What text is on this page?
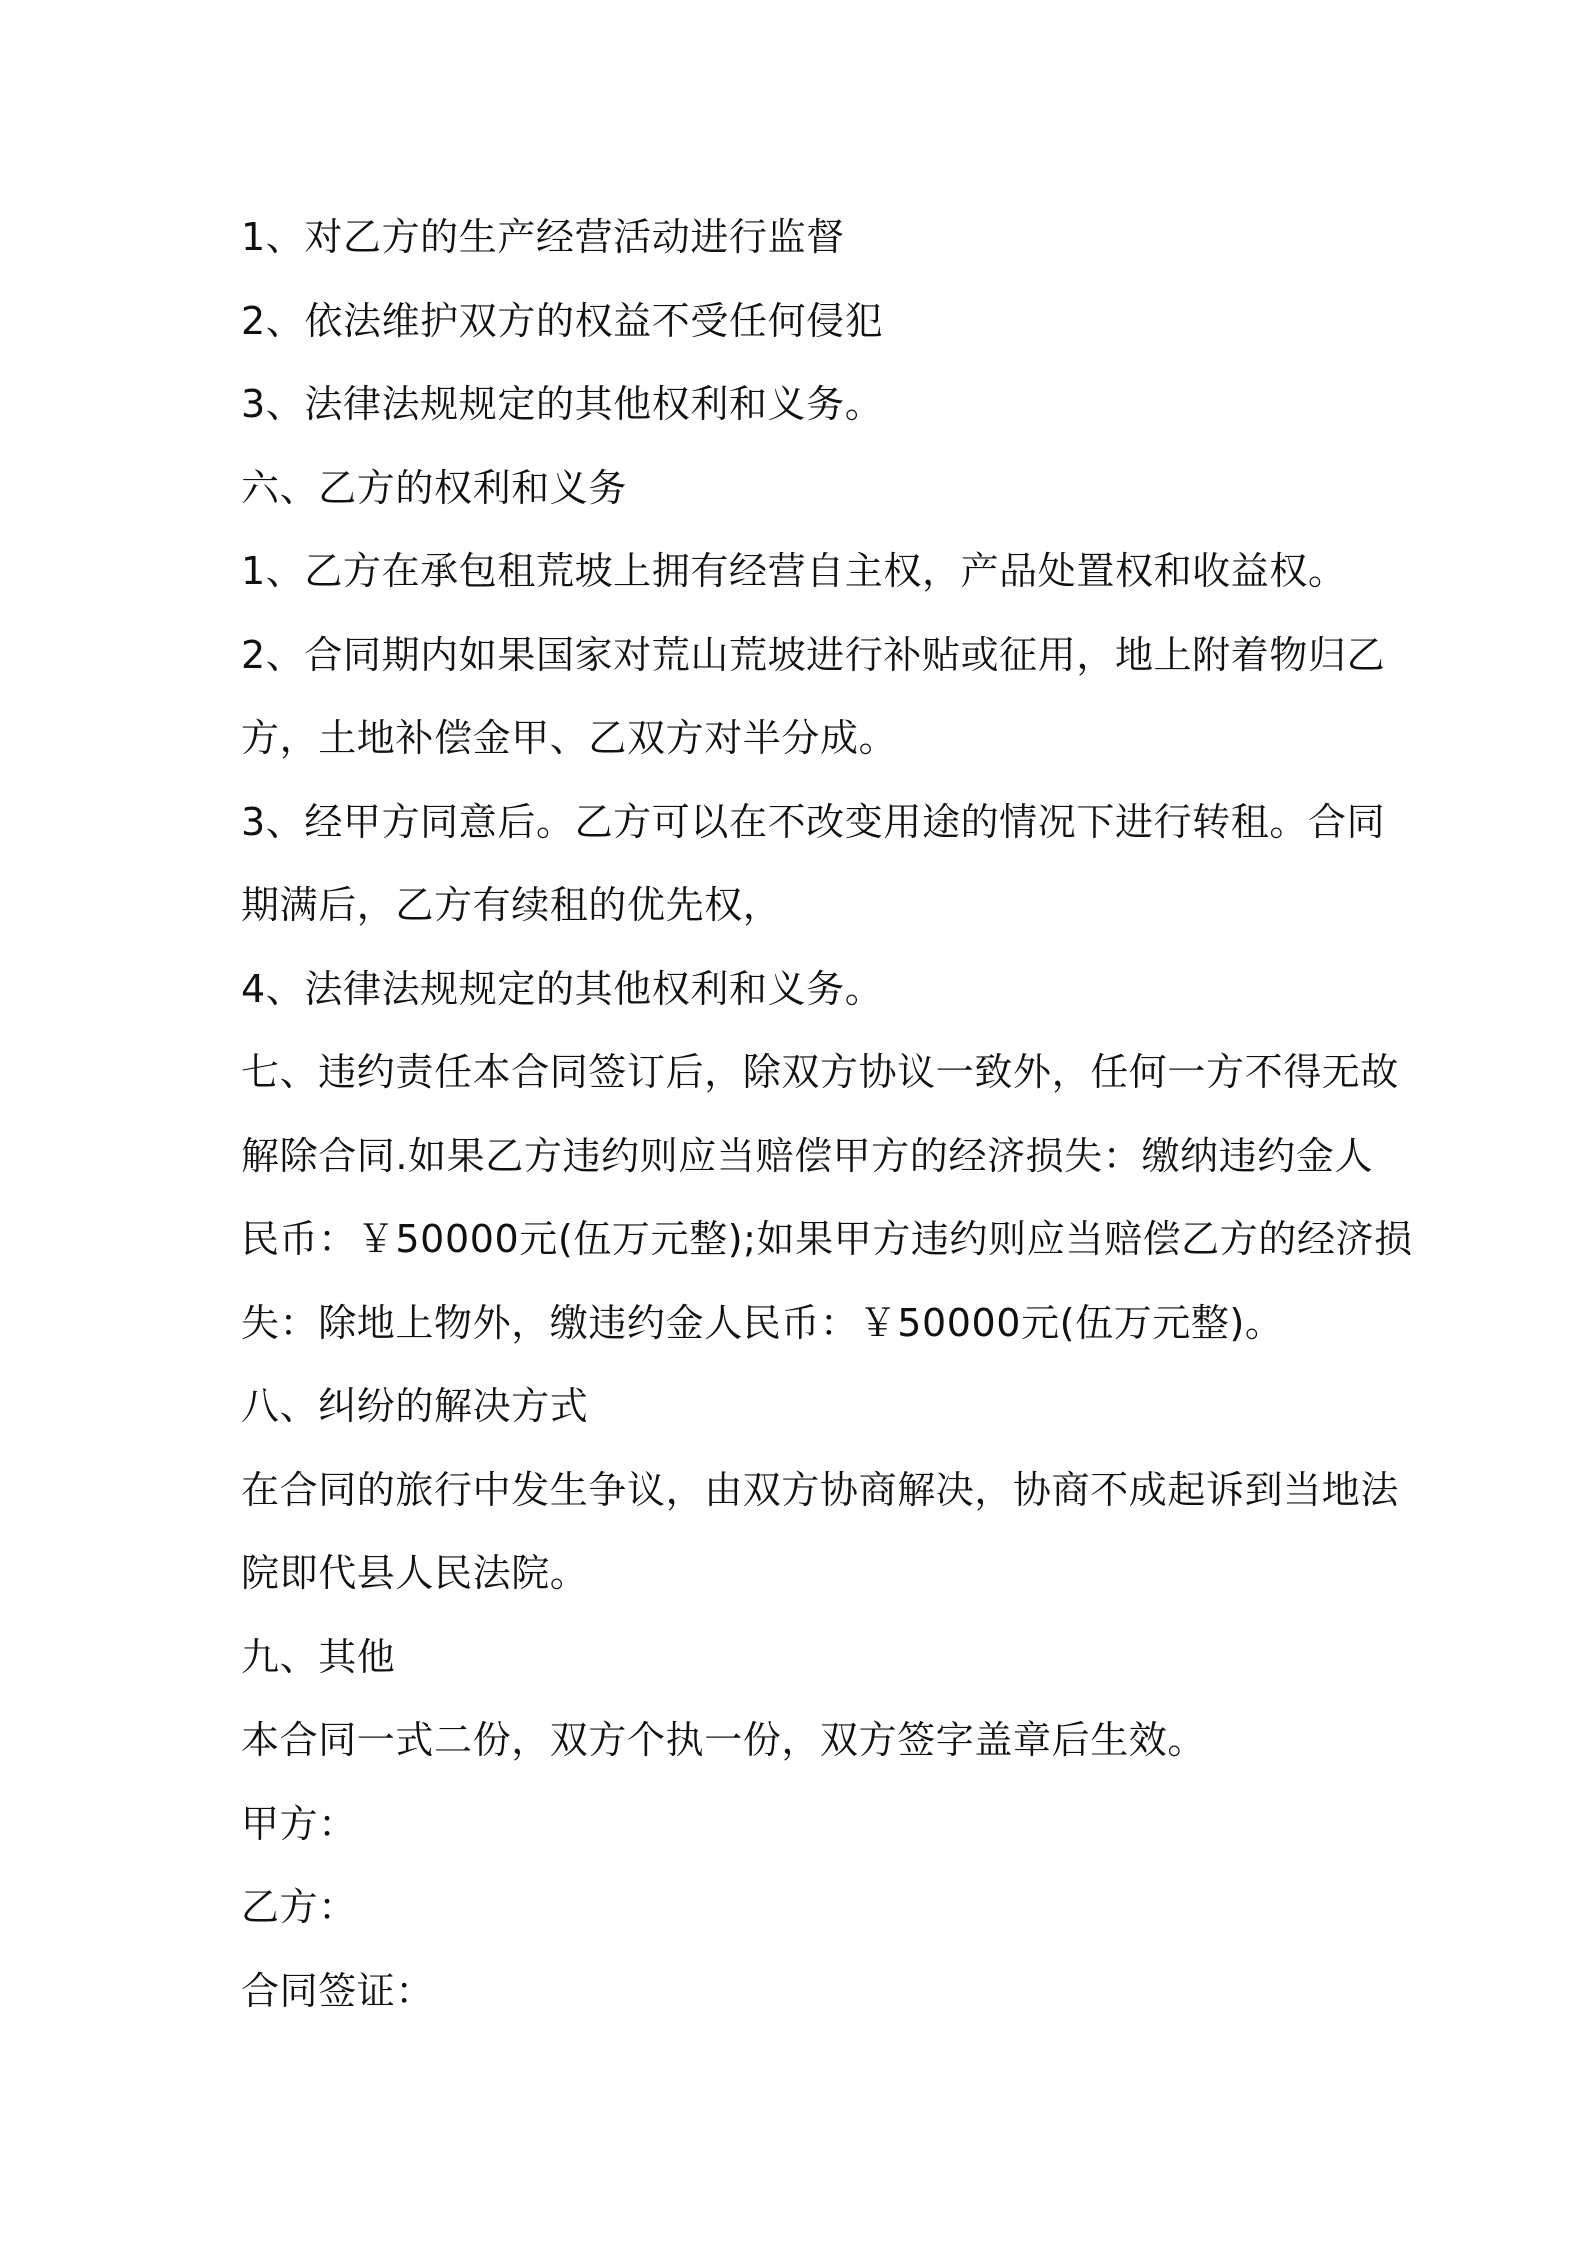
1、对乙方的生产经营活动进行监督
2、依法维护双方的权益不受任何侵犯
3、法律法规规定的其他权利和义务。
六、乙方的权利和义务
1、乙方在承包租荒坡上拥有经营自主权，产品处置权和收益权。
2、合同期内如果国家对荒山荒坡进行补贴或征用，地上附着物归乙
方，土地补偿金甲、乙双方对半分成。
3、经甲方同意后。乙方可以在不改变用途的情况下进行转租。合同
期满后，乙方有续租的优先权，
4、法律法规规定的其他权利和义务。
七、违约责任本合同签订后，除双方协议一致外，任何一方不得无故
解除合同.如果乙方违约则应当赔偿甲方的经济损失：缴纳违约金人
民币：￥50000元(伍万元整);如果甲方违约则应当赔偿乙方的经济损
失：除地上物外，缴违约金人民币：￥50000元(伍万元整)。
八、纠纷的解决方式
在合同的旅行中发生争议，由双方协商解决，协商不成起诉到当地法
院即代县人民法院。
九、其他
本合同一式二份，双方个执一份，双方签字盖章后生效。
甲方：
乙方：
合同签证：
